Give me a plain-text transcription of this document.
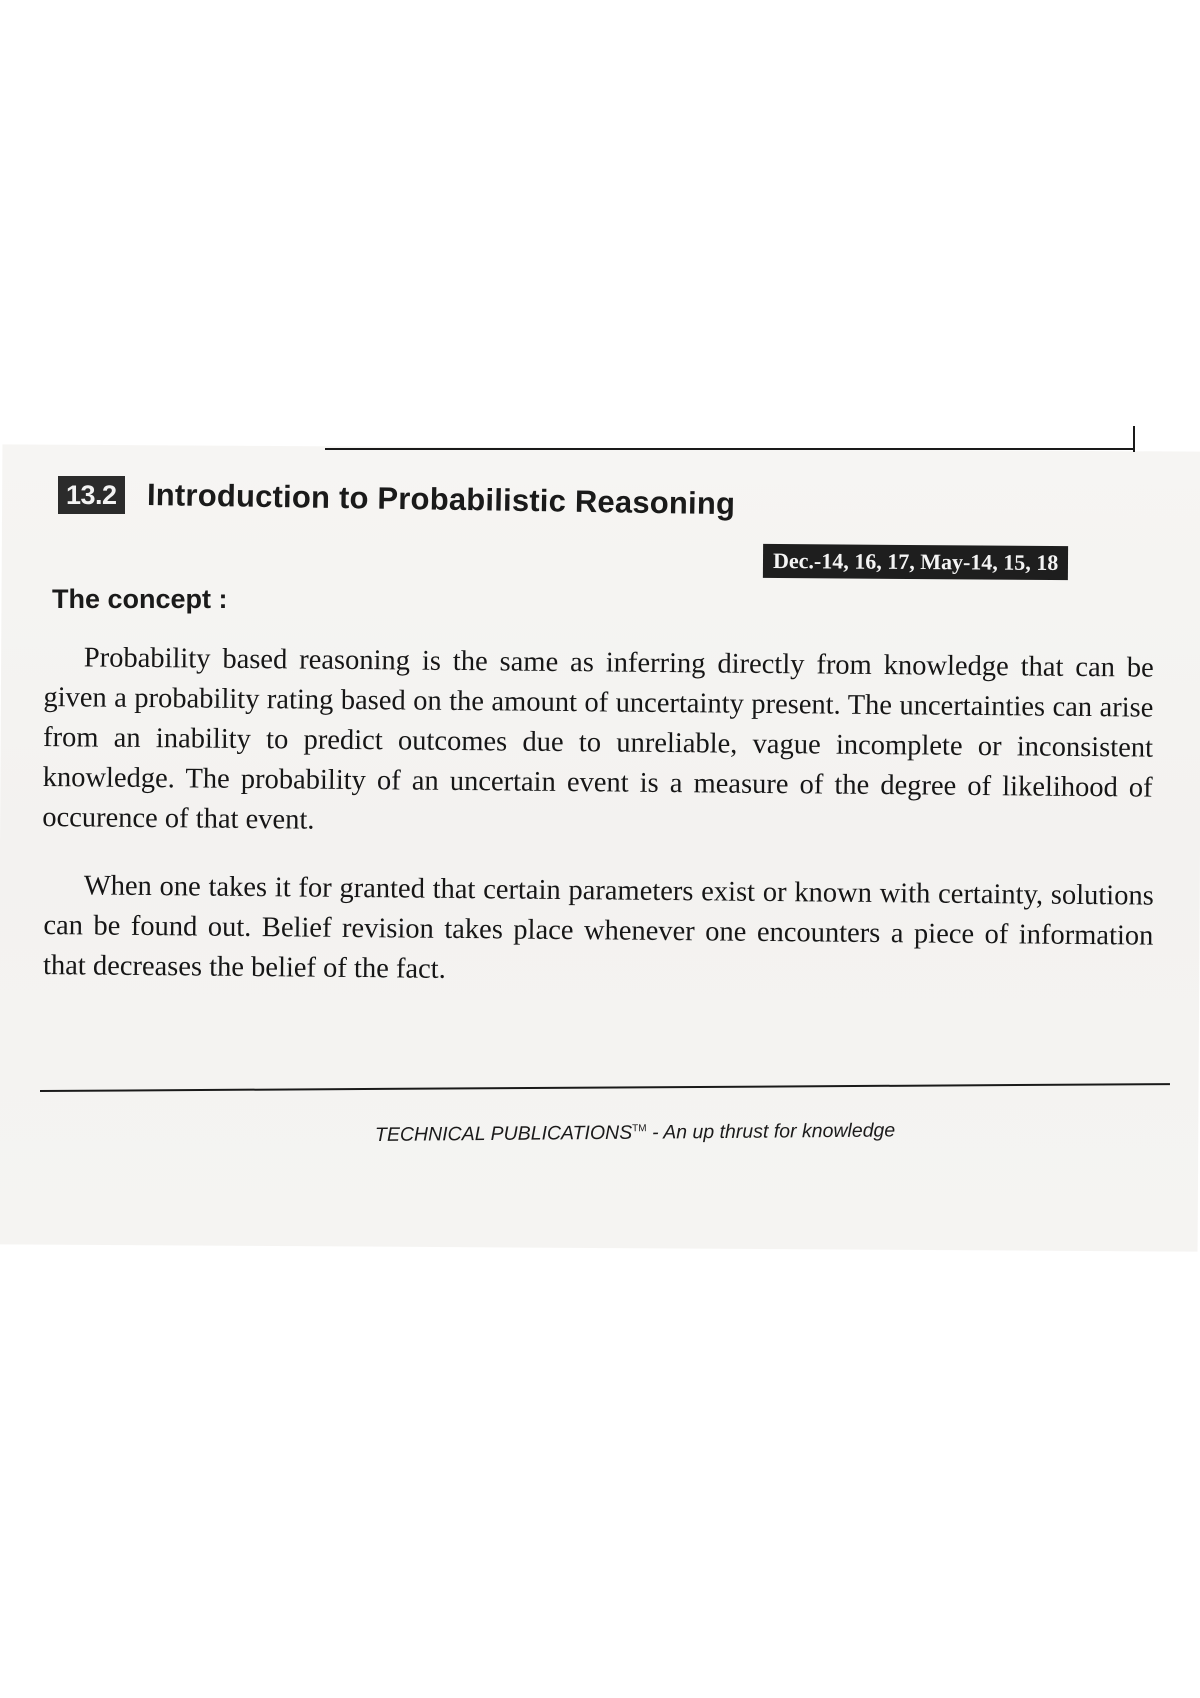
13.2 Introduction to Probabilistic Reasoning
Dec.-14, 16, 17, May-14, 15, 18
The concept :

Probability based reasoning is the same as inferring directly from knowledge that can be given a probability rating based on the amount of uncertainty present. The uncertainties can arise from an inability to predict outcomes due to unreliable, vague incomplete or inconsistent knowledge. The probability of an uncertain event is a measure of the degree of likelihood of occurence of that event.

When one takes it for granted that certain parameters exist or known with certainty, solutions can be found out. Belief revision takes place whenever one encounters a piece of information that decreases the belief of the fact.

TECHNICAL PUBLICATIONS™ - An up thrust for knowledge
